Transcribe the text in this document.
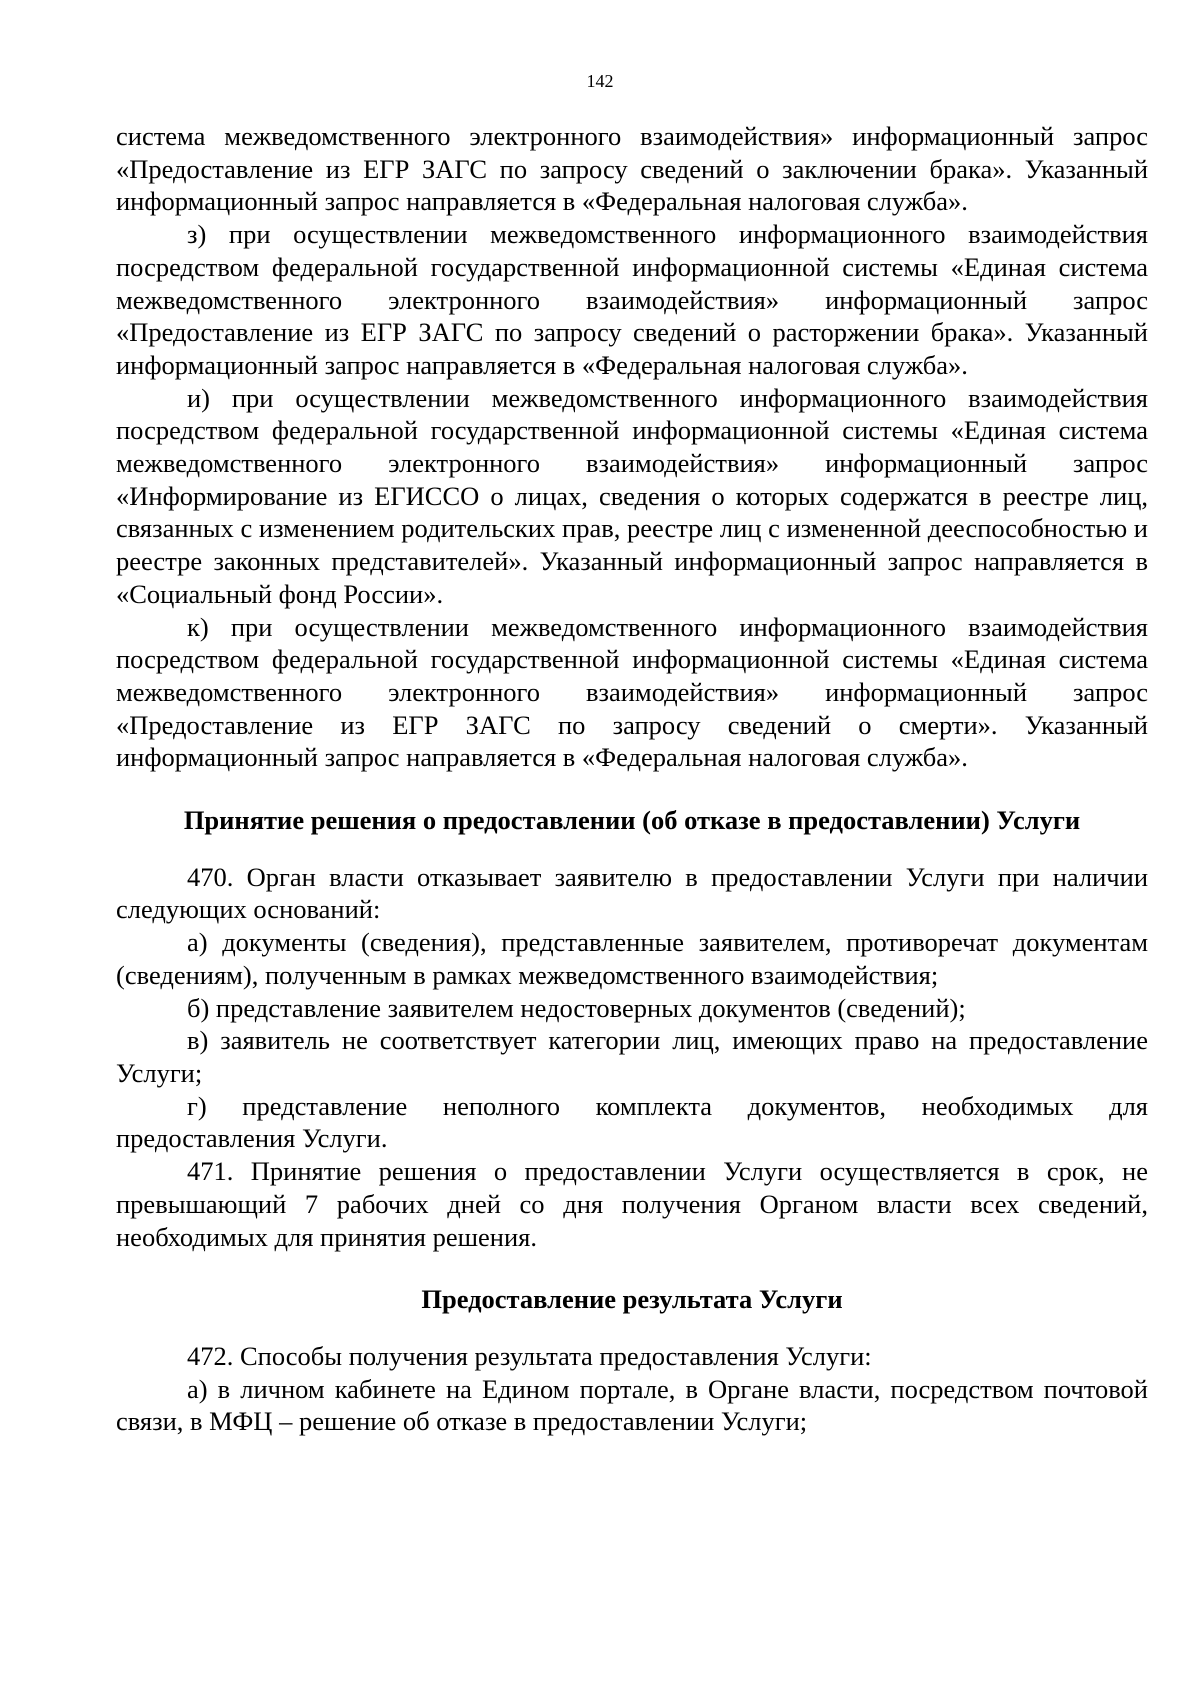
142

система межведомственного электронного взаимодействия» информационный запрос «Предоставление из ЕГР ЗАГС по запросу сведений о заключении брака». Указанный информационный запрос направляется в «Федеральная налоговая служба».

з) при осуществлении межведомственного информационного взаимодействия посредством федеральной государственной информационной системы «Единая система межведомственного электронного взаимодействия» информационный запрос «Предоставление из ЕГР ЗАГС по запросу сведений о расторжении брака». Указанный информационный запрос направляется в «Федеральная налоговая служба».

и) при осуществлении межведомственного информационного взаимодействия посредством федеральной государственной информационной системы «Единая система межведомственного электронного взаимодействия» информационный запрос «Информирование из ЕГИССО о лицах, сведения о которых содержатся в реестре лиц, связанных с изменением родительских прав, реестре лиц с измененной дееспособностью и реестре законных представителей». Указанный информационный запрос направляется в «Социальный фонд России».

к) при осуществлении межведомственного информационного взаимодействия посредством федеральной государственной информационной системы «Единая система межведомственного электронного взаимодействия» информационный запрос «Предоставление из ЕГР ЗАГС по запросу сведений о смерти». Указанный информационный запрос направляется в «Федеральная налоговая служба».

Принятие решения о предоставлении (об отказе в предоставлении) Услуги

470. Орган власти отказывает заявителю в предоставлении Услуги при наличии следующих оснований:

а) документы (сведения), представленные заявителем, противоречат документам (сведениям), полученным в рамках межведомственного взаимодействия;

б) представление заявителем недостоверных документов (сведений);

в) заявитель не соответствует категории лиц, имеющих право на предоставление Услуги;

г) представление неполного комплекта документов, необходимых для предоставления Услуги.

471. Принятие решения о предоставлении Услуги осуществляется в срок, не превышающий 7 рабочих дней со дня получения Органом власти всех сведений, необходимых для принятия решения.

Предоставление результата Услуги

472. Способы получения результата предоставления Услуги:

а) в личном кабинете на Едином портале, в Органе власти, посредством почтовой связи, в МФЦ – решение об отказе в предоставлении Услуги;
